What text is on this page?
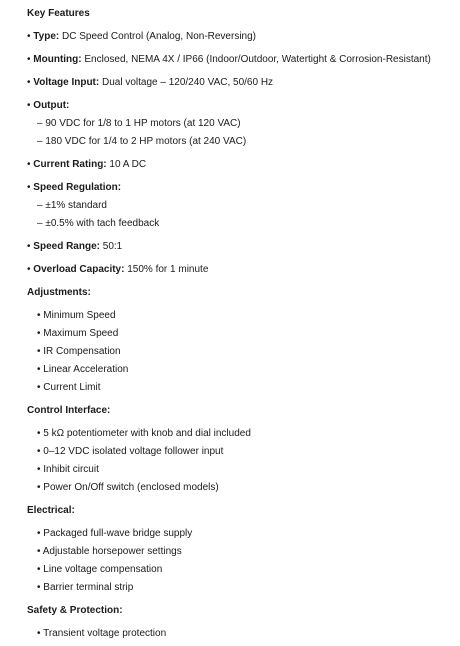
Key Features
• Type: DC Speed Control (Analog, Non-Reversing)
• Mounting: Enclosed, NEMA 4X / IP66 (Indoor/Outdoor, Watertight & Corrosion-Resistant)
• Voltage Input: Dual voltage – 120/240 VAC, 50/60 Hz
• Output:
– 90 VDC for 1/8 to 1 HP motors (at 120 VAC)
– 180 VDC for 1/4 to 2 HP motors (at 240 VAC)
• Current Rating: 10 A DC
• Speed Regulation:
– ±1% standard
– ±0.5% with tach feedback
• Speed Range: 50:1
• Overload Capacity: 150% for 1 minute
Adjustments:
• Minimum Speed
• Maximum Speed
• IR Compensation
• Linear Acceleration
• Current Limit
Control Interface:
• 5 kΩ potentiometer with knob and dial included
• 0–12 VDC isolated voltage follower input
• Inhibit circuit
• Power On/Off switch (enclosed models)
Electrical:
• Packaged full-wave bridge supply
• Adjustable horsepower settings
• Line voltage compensation
• Barrier terminal strip
Safety & Protection:
• Transient voltage protection
